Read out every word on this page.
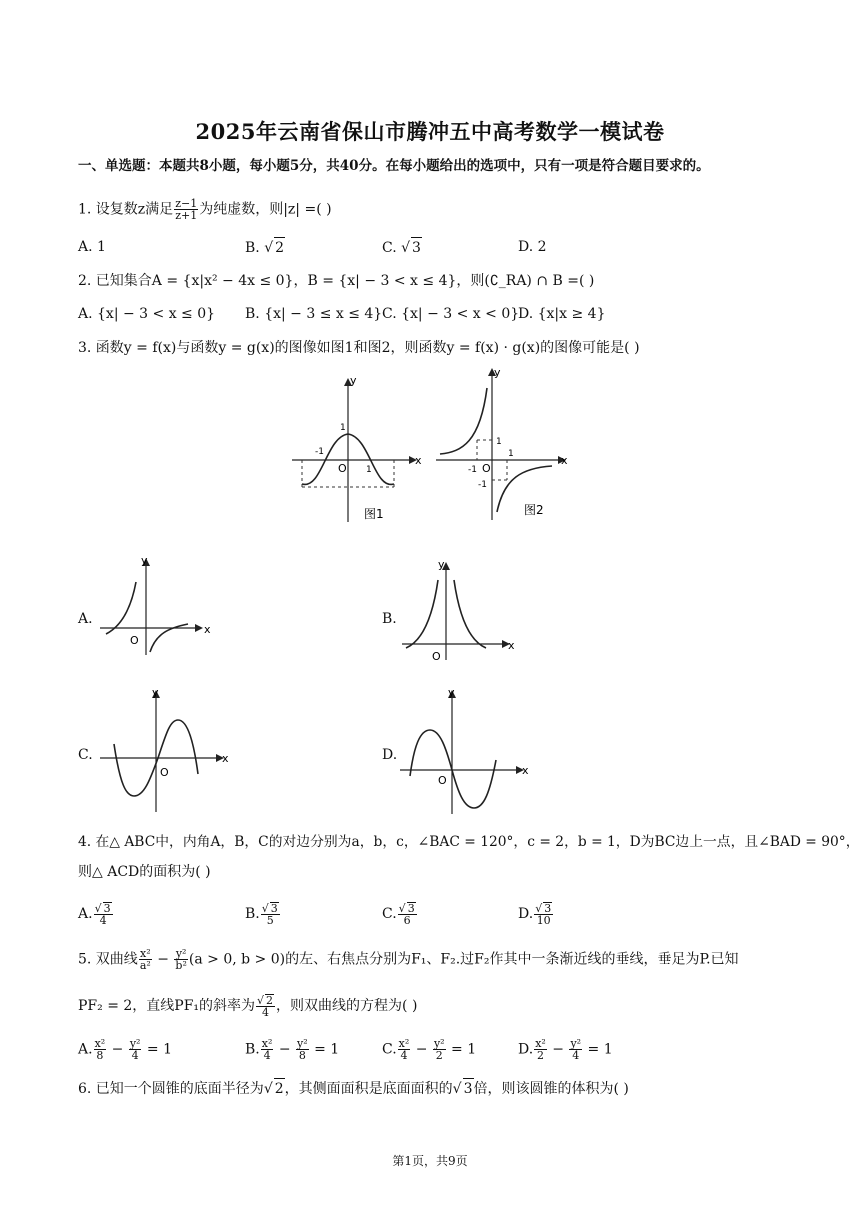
2025年云南省保山市腾冲五中高考数学一模试卷
一、单选题：本题共8小题，每小题5分，共40分。在每小题给出的选项中，只有一项是符合题目要求的。
1. 设复数z满足 $\frac{z-1}{z+1}$ 为纯虚数，则|z| =( )
A. 1	B. √ 2	C. √ 3	D. 2
2. 已知集合A = {x|x² − 4x ≤ 0}，B = {x| − 3 < x ≤ 4}，则(∁_RA) ∩ B =( )
A. {x| − 3 < x ≤ 0} B. {x| − 3 ≤ x ≤ 4} C. {x| − 3 < x < 0}
D. {x|x ≥ 4}
3. 函数y = f(x)与函数y = g(x)的图像如图1和图2，则函数y = f(x) · g(x)的图像可能是( )
y
x
O
1
-1
1
图1
y
x
O
1
-1
1
-1
图2
A.
y
x
O
B.
y
x
O
C.
y
x
O
D.
y
x
O
4. 在△ ABC中，内角A，B，C的对边分别为a，b，c，∠BAC = 120°，c = 2，b = 1，D为BC边上一点，且∠BAD = 90°，
则△ ACD的面积为( )
A. $\frac{√ 3}{4}$	B. $\frac{√ 3}{5}$	C. $\frac{√ 3}{6}$	D. $\frac{√ 3}{10}$
5. 双曲线 $\frac{\text{x²}}{\text{a²}} - \frac{\text{y²}}{\text{b²}} (a > 0$, b > 0)的左、右焦点分别为F₁、F₂.过F₂作其中一条渐近线的垂线，垂足为P.已知
PF₂ = 2，直线PF₁的斜率为 $\frac{√ 2}{4}$ ，则双曲线的方程为( )
A. $\frac{\text{x²}}{8} - \frac{\text{y²}}{4} = 1$	B. $\frac{\text{x²}}{4} - \frac{\text{y²}}{8} = 1$	C. $\frac{\text{x²}}{4} - \frac{\text{y²}}{2} = 1$	D. $\frac{\text{x²}}{2} - \frac{\text{y²}}{4} = 1$
6. 已知一个圆锥的底面半径为√ 2，其侧面面积是底面面积的√ 3倍，则该圆锥的体积为( )
第1页，共9页
